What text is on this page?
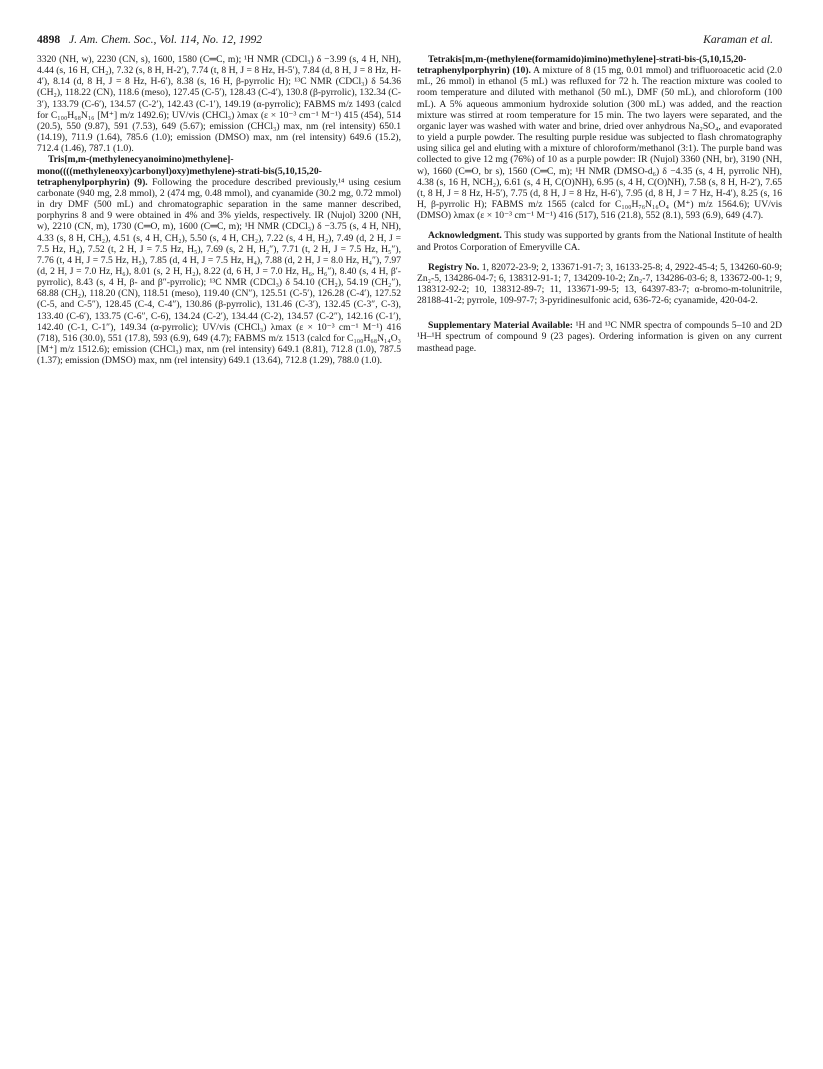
4898 J. Am. Chem. Soc., Vol. 114, No. 12, 1992	Karaman et al.

3320 (NH, w), 2230 (CN, s), 1600, 1580 (C═C, m); ¹H NMR (CDCl₃) δ −3.99 (s, 4 H, NH), 4.44 (s, 16 H, CH₂), 7.32 (s, 8 H, H-2′), 7.74 (t, 8 H, J = 8 Hz, H-5′), 7.84 (d, 8 H, J = 8 Hz, H-4′), 8.14 (d, 8 H, J = 8 Hz, H-6′), 8.38 (s, 16 H, β-pyrrolic H); ¹³C NMR (CDCl₃) δ 54.36 (CH₂), 118.22 (CN), 118.6 (meso), 127.45 (C-5′), 128.43 (C-4′), 130.8 (β-pyrrolic), 132.34 (C-3′), 133.79 (C-6′), 134.57 (C-2′), 142.43 (C-1′), 149.19 (α-pyrrolic); FABMS m/z 1493 (calcd for C₁₀₀H₆₈N₁₆ [M⁺] m/z 1492.6); UV/vis (CHCl₃) λmax (ε × 10⁻³ cm⁻¹ M⁻¹) 415 (454), 514 (20.5), 550 (9.87), 591 (7.53), 649 (5.67); emission (CHCl₃) max, nm (rel intensity) 650.1 (14.19), 711.9 (1.64), 785.6 (1.0); emission (DMSO) max, nm (rel intensity) 649.6 (15.2), 712.4 (1.46), 787.1 (1.0).

Tris[m,m-(methylenecyanoimino)methylene]-mono((((methyleneoxy)carbonyl)oxy)methylene)-strati-bis(5,10,15,20-tetraphenylporphyrin) (9). Following the procedure described previously,¹⁴ using cesium carbonate (940 mg, 2.8 mmol), 2 (474 mg, 0.48 mmol), and cyanamide (30.2 mg, 0.72 mmol) in dry DMF (500 mL) and chromatographic separation in the same manner described, porphyrins 8 and 9 were obtained in 4% and 3% yields, respectively. IR (Nujol) 3200 (NH, w), 2210 (CN, m), 1730 (C═O, m), 1600 (C═C, m); ¹H NMR (CDCl₃) δ −3.75 (s, 4 H, NH), 4.33 (s, 8 H, CH₂), 4.51 (s, 4 H, CH₂), 5.50 (s, 4 H, CH₂), 7.22 (s, 4 H, H₂), 7.49 (d, 2 H, J = 7.5 Hz, H₄), 7.52 (t, 2 H, J = 7.5 Hz, H₅), 7.69 (s, 2 H, H₂″), 7.71 (t, 2 H, J = 7.5 Hz, H₅″), 7.76 (t, 4 H, J = 7.5 Hz, H₅), 7.85 (d, 4 H, J = 7.5 Hz, H₄), 7.88 (d, 2 H, J = 8.0 Hz, H₄″), 7.97 (d, 2 H, J = 7.0 Hz, H₆), 8.01 (s, 2 H, H₂), 8.22 (d, 6 H, J = 7.0 Hz, H₆, H₆″), 8.40 (s, 4 H, β′-pyrrolic), 8.43 (s, 4 H, β- and β″-pyrrolic); ¹³C NMR (CDCl₃) δ 54.10 (CH₂), 54.19 (CH₂″), 68.88 (CH₂), 118.20 (CN), 118.51 (meso), 119.40 (CN″), 125.51 (C-5′), 126.28 (C-4′), 127.52 (C-5, and C-5″), 128.45 (C-4, C-4″), 130.86 (β-pyrrolic), 131.46 (C-3′), 132.45 (C-3″, C-3), 133.40 (C-6′), 133.75 (C-6″, C-6), 134.24 (C-2′), 134.44 (C-2), 134.57 (C-2″), 142.16 (C-1′), 142.40 (C-1, C-1″), 149.34 (α-pyrrolic); UV/vis (CHCl₃) λmax (ε × 10⁻³ cm⁻¹ M⁻¹) 416 (718), 516 (30.0), 551 (17.8), 593 (6.9), 649 (4.7); FABMS m/z 1513 (calcd for C₁₀₀H₆₈N₁₄O₃ [M⁺] m/z 1512.6); emission (CHCl₃) max, nm (rel intensity) 649.1 (8.81), 712.8 (1.0), 787.5 (1.37); emission (DMSO) max, nm (rel intensity) 649.1 (13.64), 712.8 (1.29), 788.0 (1.0).

Tetrakis[m,m-(methylene(formamido)imino)methylene]-strati-bis-(5,10,15,20-tetraphenylporphyrin) (10). A mixture of 8 (15 mg, 0.01 mmol) and trifluoroacetic acid (2.0 mL, 26 mmol) in ethanol (5 mL) was refluxed for 72 h. The reaction mixture was cooled to room temperature and diluted with methanol (50 mL), DMF (50 mL), and chloroform (100 mL). A 5% aqueous ammonium hydroxide solution (300 mL) was added, and the reaction mixture was stirred at room temperature for 15 min. The two layers were separated, and the organic layer was washed with water and brine, dried over anhydrous Na₂SO₄, and evaporated to yield a purple powder. The resulting purple residue was subjected to flash chromatography using silica gel and eluting with a mixture of chloroform/methanol (3:1). The purple band was collected to give 12 mg (76%) of 10 as a purple powder: IR (Nujol) 3360 (NH, br), 3190 (NH, w), 1660 (C═O, br s), 1560 (C═C, m); ¹H NMR (DMSO-d₆) δ −4.35 (s, 4 H, pyrrolic NH), 4.38 (s, 16 H, NCH₂), 6.61 (s, 4 H, C(O)NH), 6.95 (s, 4 H, C(O)NH), 7.58 (s, 8 H, H-2′), 7.65 (t, 8 H, J = 8 Hz, H-5′), 7.75 (d, 8 H, J = 8 Hz, H-6′), 7.95 (d, 8 H, J = 7 Hz, H-4′), 8.25 (s, 16 H, β-pyrrolic H); FABMS m/z 1565 (calcd for C₁₀₀H₇₆N₁₆O₄ (M⁺) m/z 1564.6); UV/vis (DMSO) λmax (ε × 10⁻³ cm⁻¹ M⁻¹) 416 (517), 516 (21.8), 552 (8.1), 593 (6.9), 649 (4.7).

Acknowledgment. This study was supported by grants from the National Institute of health and Protos Corporation of Emeryville CA.

Registry No. 1, 82072-23-9; 2, 133671-91-7; 3, 16133-25-8; 4, 2922-45-4; 5, 134260-60-9; Zn₂-5, 134286-04-7; 6, 138312-91-1; 7, 134209-10-2; Zn₂-7, 134286-03-6; 8, 133672-00-1; 9, 138312-92-2; 10, 138312-89-7; 11, 133671-99-5; 13, 64397-83-7; α-bromo-m-tolunitrile, 28188-41-2; pyrrole, 109-97-7; 3-pyridinesulfonic acid, 636-72-6; cyanamide, 420-04-2.

Supplementary Material Available: ¹H and ¹³C NMR spectra of compounds 5–10 and 2D ¹H–¹H spectrum of compound 9 (23 pages). Ordering information is given on any current masthead page.
